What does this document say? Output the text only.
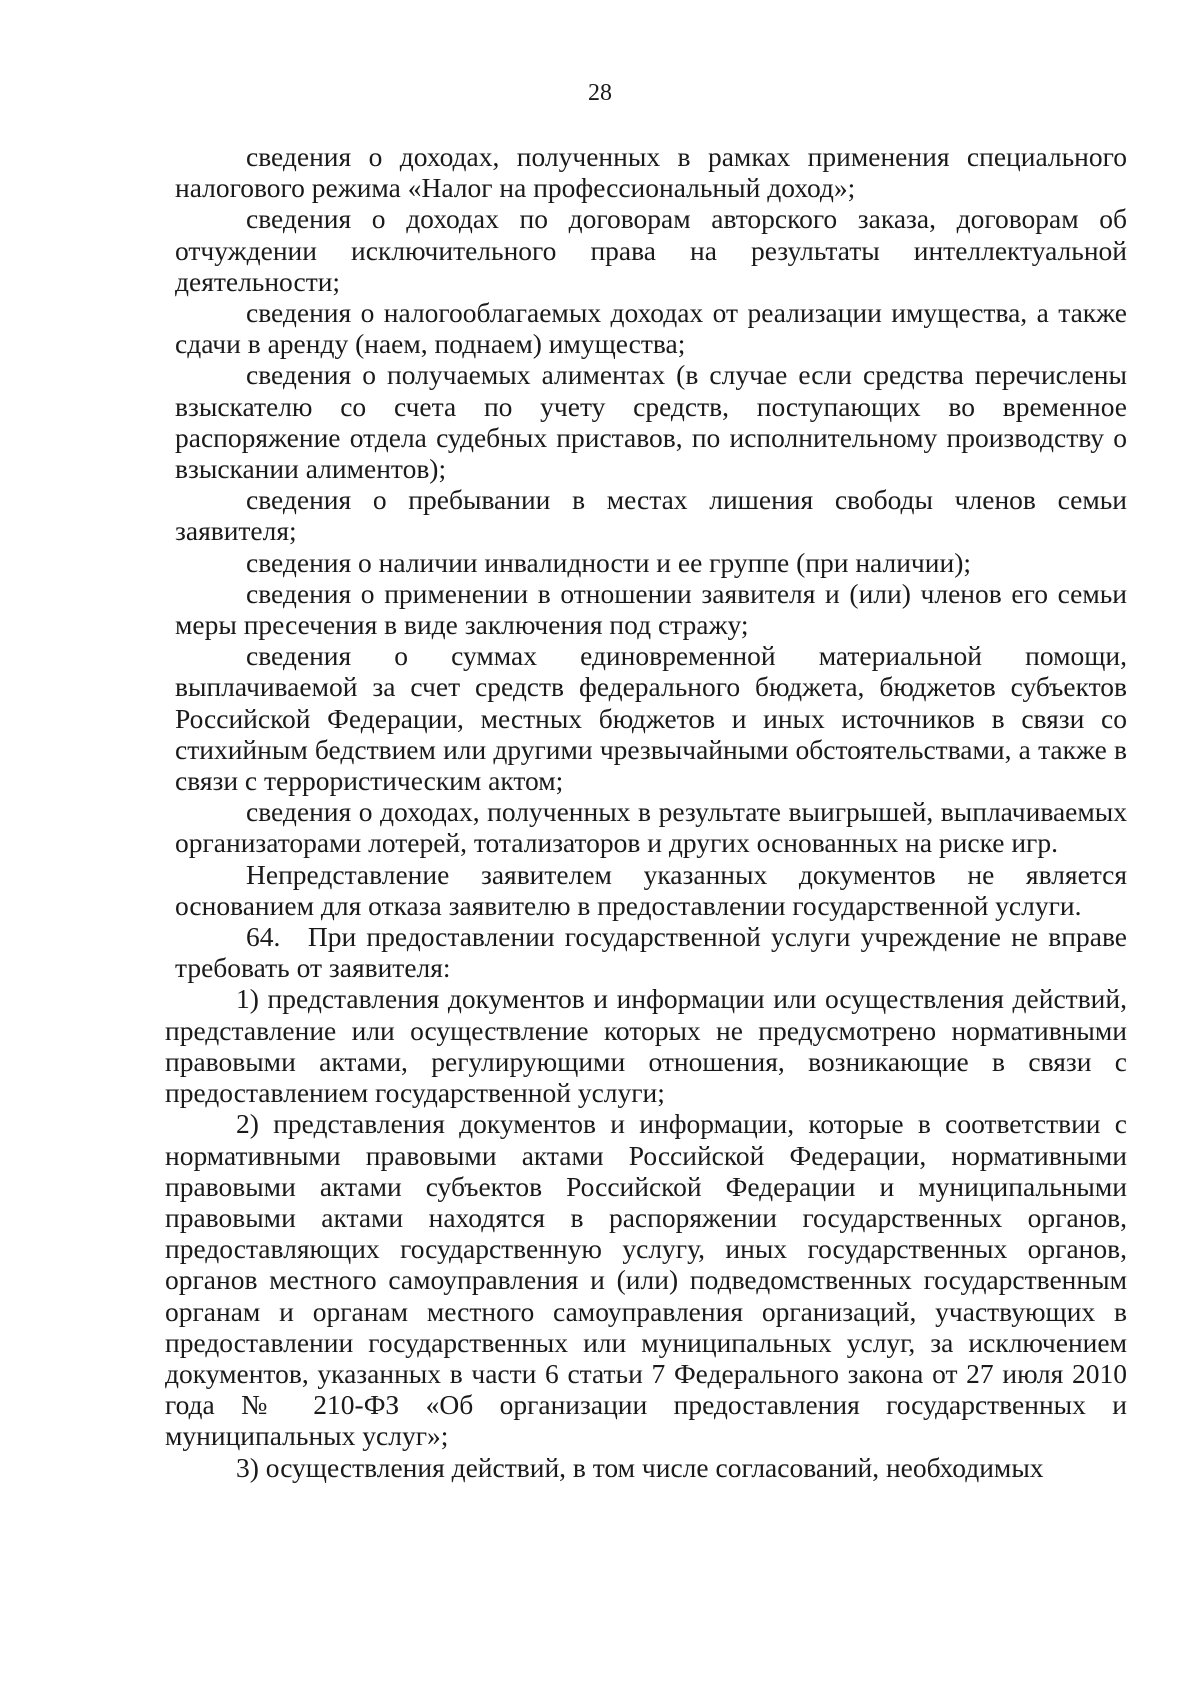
28

сведения о доходах, полученных в рамках применения специального налогового режима «Налог на профессиональный доход»;

сведения о доходах по договорам авторского заказа, договорам об отчуждении исключительного права на результаты интеллектуальной деятельности;

сведения о налогооблагаемых доходах от реализации имущества, а также сдачи в аренду (наем, поднаем) имущества;

сведения о получаемых алиментах (в случае если средства перечислены взыскателю со счета по учету средств, поступающих во временное распоряжение отдела судебных приставов, по исполнительному производству о взыскании алиментов);

сведения о пребывании в местах лишения свободы членов семьи заявителя;

сведения о наличии инвалидности и ее группе (при наличии);

сведения о применении в отношении заявителя и (или) членов его семьи меры пресечения в виде заключения под стражу;

сведения о суммах единовременной материальной помощи, выплачиваемой за счет средств федерального бюджета, бюджетов субъектов Российской Федерации, местных бюджетов и иных источников в связи со стихийным бедствием или другими чрезвычайными обстоятельствами, а также в связи с террористическим актом;

сведения о доходах, полученных в результате выигрышей, выплачиваемых организаторами лотерей, тотализаторов и других основанных на риске игр.

Непредставление заявителем указанных документов не является основанием для отказа заявителю в предоставлении государственной услуги.

64. При предоставлении государственной услуги учреждение не вправе требовать от заявителя:

1) представления документов и информации или осуществления действий, представление или осуществление которых не предусмотрено нормативными правовыми актами, регулирующими отношения, возникающие в связи с предоставлением государственной услуги;

2) представления документов и информации, которые в соответствии с нормативными правовыми актами Российской Федерации, нормативными правовыми актами субъектов Российской Федерации и муниципальными правовыми актами находятся в распоряжении государственных органов, предоставляющих государственную услугу, иных государственных органов, органов местного самоуправления и (или) подведомственных государственным органам и органам местного самоуправления организаций, участвующих в предоставлении государственных или муниципальных услуг, за исключением документов, указанных в части 6 статьи 7 Федерального закона от 27 июля 2010 года № 210-ФЗ «Об организации предоставления государственных и муниципальных услуг»;

3) осуществления действий, в том числе согласований, необходимых
